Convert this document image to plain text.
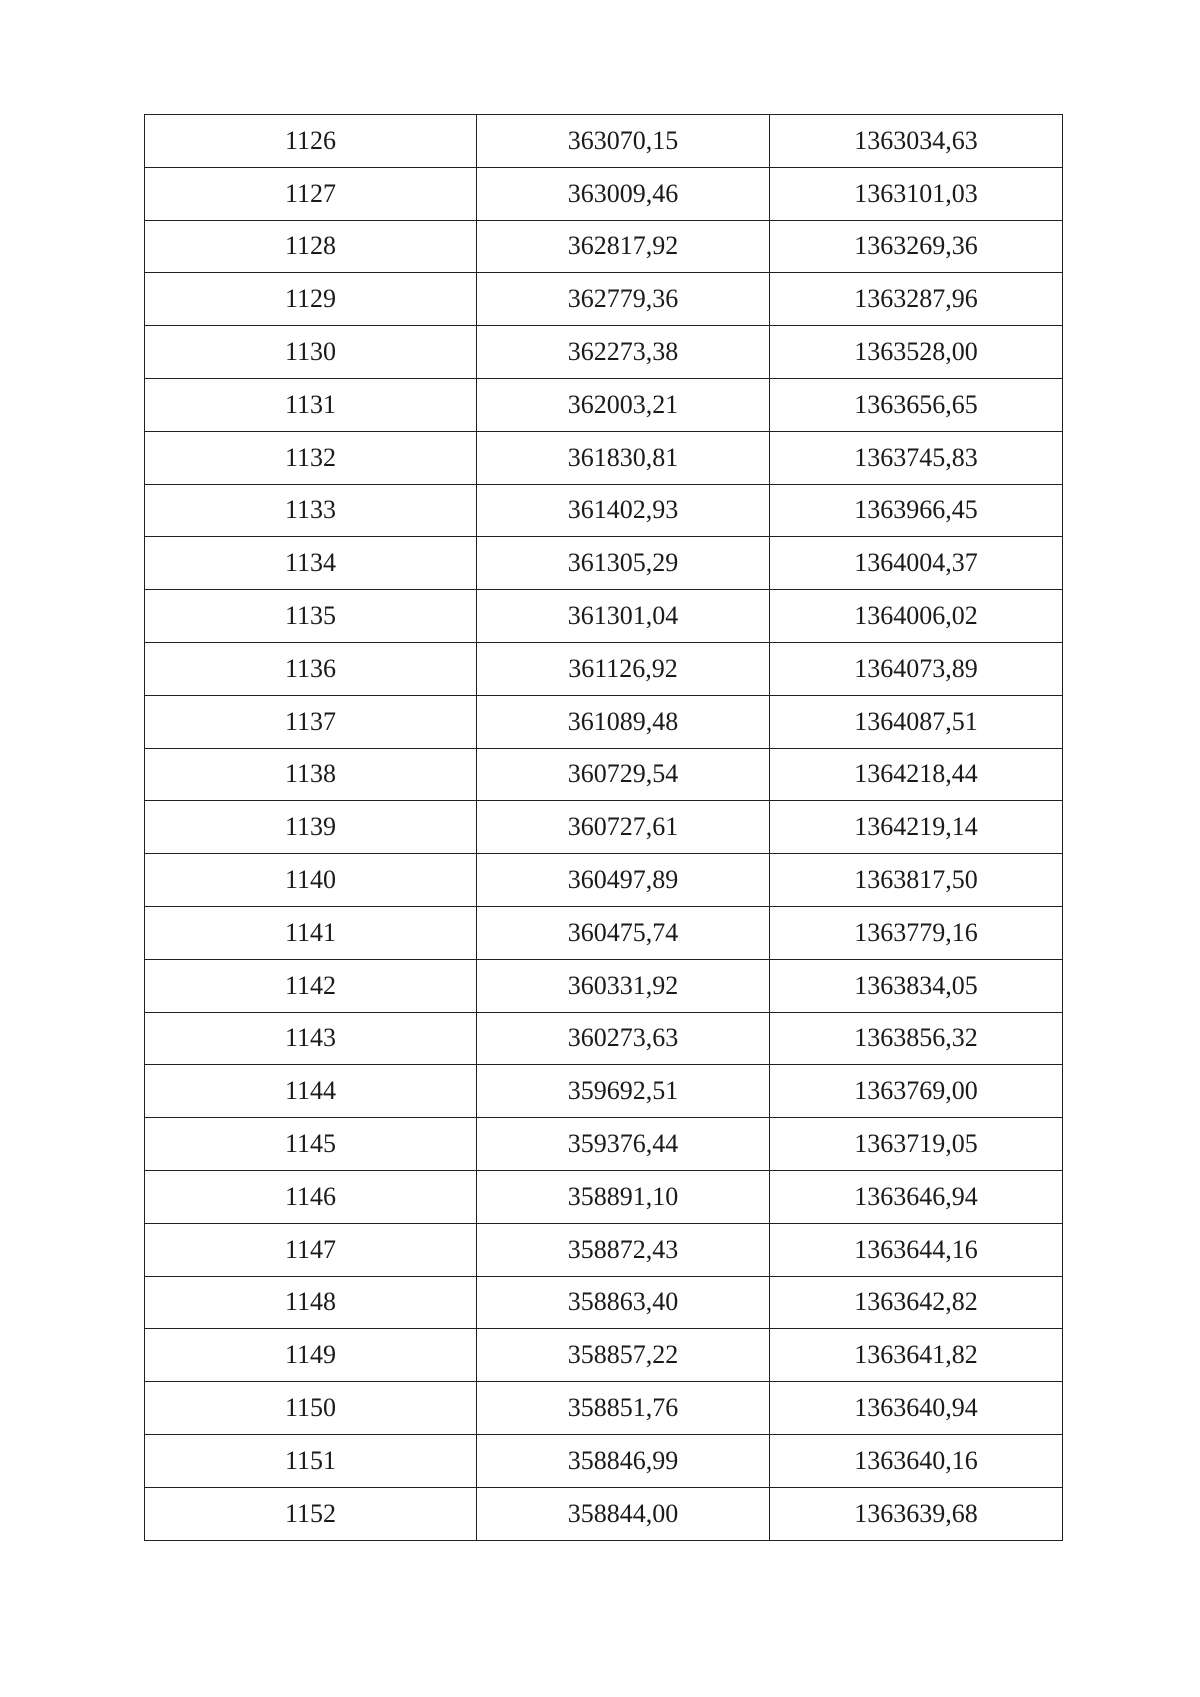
1126	363070,15	1363034,63
1127	363009,46	1363101,03
1128	362817,92	1363269,36
1129	362779,36	1363287,96
1130	362273,38	1363528,00
1131	362003,21	1363656,65
1132	361830,81	1363745,83
1133	361402,93	1363966,45
1134	361305,29	1364004,37
1135	361301,04	1364006,02
1136	361126,92	1364073,89
1137	361089,48	1364087,51
1138	360729,54	1364218,44
1139	360727,61	1364219,14
1140	360497,89	1363817,50
1141	360475,74	1363779,16
1142	360331,92	1363834,05
1143	360273,63	1363856,32
1144	359692,51	1363769,00
1145	359376,44	1363719,05
1146	358891,10	1363646,94
1147	358872,43	1363644,16
1148	358863,40	1363642,82
1149	358857,22	1363641,82
1150	358851,76	1363640,94
1151	358846,99	1363640,16
1152	358844,00	1363639,68
